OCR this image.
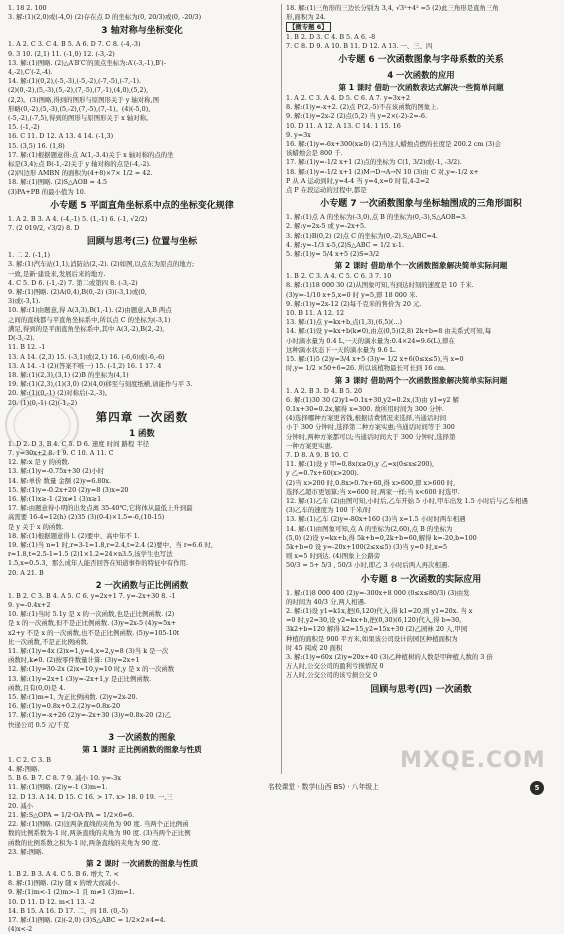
1. 18 2. 100
3. 解:(1)(2,0)或(-4,0) (2)存在点 D 的坐标为(0, 20/3)或(0, -20/3)
3 轴对称与坐标变化
1. A 2. C 3. C 4. B 5. A 6. D 7. C 8. (-4,-3)
9. 3 10. (2,1) 11. (-1,0) 12. (-3,-2)
13. 解:(1)图略. (2)△A′B′C′的顶点坐标为:A′(-3,-1),B′(-
4,-2),C′(-2,-4).
14. 解:(1)(0,2),(-5,-3),(-5,-2),(-7,-5),(-7,-1).
(2)(0,-2),(5,-3),(5,-2),(7,-5),(7,-1),(4,0),(5,2),
(2,2)。(3)图略,得到的图形与原图形关于 y 轴对称,图
形略(0,-2),(5,-3),(5,-2),(7,-5),(7,-1)。(4)(-5,0),
(-5,-2),(-7,5),得到的图形与原图形关于 x 轴对称。
15. (-1,-2)
16. C 11. D 12. A 13. 4 14. (-1,3)
15. (3,5) 16. (1,8)
17. 解:(1)根据题意得:点 A(1,-3.4)关于 x 轴对称的点的坐
标是(3,4);点 B(-1,-2)关于 y 轴对称的点是(-4,-2).
(2)四边形 AMBN 的面积为(4+8)×7× 1/2 = 42.
18. 解:(1)图略. (2)S△AOB = 4.5
(3)PA+PB 的最小值为 10.
小专题 5 平面直角坐标系中点的坐标变化规律
1. A 2. B 3. A 4. (-4,-1) 5. (1,-1) 6. (-1, √2/2)
7. (2 019/2, √3/2) 8. D
回顾与思考(三) 位置与坐标
1. 二 2. (-1,1)
3. 解:(1)汽车站(1,1),消防站(2,-2). (2)如图,以点东为原点的地方;
一致,是新·建设来,发展后来的地方.
4. C 5. D 6. (-1,-2) 7. 第二或第四 8. (-3,-2)
9. 解:(1)图略. (2)A(0,4),B(0,-2) (3)(-3,1)或(0,
3)或(-3,1).
10. 解:(1)由题意,得 A(3,3),B(1,-1). (2)由题意,A,B 两点
之间的直线都与平直角坐标系中,所以点 C 的坐标为(-3,1)
满足,得到的是平面直角坐标系中,其中 A(3,-2),B(2,-2),
D(-3,-2).
11. B 12. -1
13. A 14. (2,3) 15. (-3,1)或(2,1) 16. (-6,6)或(-6,-6)
13. A 14. -1 (2)(答案不唯一) 15. (-1,2) 16. 1 17. 4
18. 解:(1)(2,3),(3,1) (2)B 的坐标为(4,1)
19. 解:(1)(2,3),(1)(3,0) (2)(4,0)移至与刻度纸横,请能作与平 3.
20. 解:(1)(0,-1) (2)对称后(-2,-3)。
20. (1)(0,-1) (2)(-1,-2)
第四章 一次函数
1 函数
1. D 2. D 3. B 4. C 5. D 6. 速度 时间 路程 半径
7. y=30x+2 8. 1 9. C 10. A 11. C
12. 解:x 是 y 的函数.
13. 解:(1)y=-0.75x+30 (2)小时
14. 解:单价 数量 金额 (2)y=6.80x.
15. 解:(1)y=-0.2x+20 (2)y=8 (3)x=20
16. 解:(1)x≥-1 (2)x≠1 (3)x≥1
17. 解:由题意得小明的出发点离 35-40℃,它将体从最低上升到最
高需要 16-4=12(h) (2)35 (3)(0-4)×1.5=-6,(10-15)
是 y 关于 x 的函数.
18. 解:(1)根据题意得 l. (2)要中、高中年不 1.
19. 解:(1)当 n=1 时,r=3-1=1.8,r=2.4,t=2.4 (2)要中、当 r=6.6 时,
r=1.8,t=2.5-1=1.5 (2)1×1.2=24×n3.5,该学生也写法
1.5,x=0.5.3、那么成年人能否回答在知道事件的特征中有作用.
20. A 21. B
2 一次函数与正比例函数
1. B 2. C 3. B 4. A 5. C 6. y=2x+1 7. y=-2x+30 8. -1
9. y=-0.4x+2
10. 解:(1)当时 5.1y 是 x 的一次函数,也是正比例函数. (2)
是 x 的一次函数,但不是正比例函数. (3)y=2x-5 (4)y=5x+
x2+y 不是 x 的一次函数,也不是正比例函数. (5)y=105-10t
比一次函数,不是正比例函数.
11. 解:(1)y=4x (2)x=1,y=4,x=2,y=8 (3)当 k 是一次
函数时,k≠0. (2)按零件数量计算: (3)y=2x+1
12. 解:(1)y=30-2x (2)x=10,y=10 时,y 是 x 的一次函数
13. 解:(1)y=2x+1 (3)y=-2x+1,y 是正比例函数.
函数,且有(0,0)是 4.
15. 解:(1)m=1, 为正比例函数. (2)y=2x-20.
16. 解:(1)y=0.8x+0.2.(2)y=0.8x-20
17. 解:(1)y=-x+26 (2)y=-2x+30 (3)y=0.8x-20 (2)乙
快递公司 0.5 元/千克
3 一次函数的图象
第 1 课时 正比例函数的图象与性质
1. C 2. C 3. B
4. 解:图略.
5. B 6. B 7. C 8. 7 9. 减小 10. y=-3x
11. 解:(1)图略. (2)y=-1 (3)m=1.
12. D 13. A 14. D 15. C 16. > 17. x> 18. 0 19. 一,三
20. 减小
21. 解:S△OPA = 1/2·OA·PA = 1/2×6=6.
22. 解:(1)图略. (2)这两条直线的夹角为 90 度. 当两个正比例函
数的比例系数为-1 时,两条直线的夹角为 90 度. (3)当两个正比例
函数的比例系数之积为-1 时,两条直线的夹角为 90 度.
23. 解:图略.
第 2 课时 一次函数的图象与性质
1. B 2. B 3. A 4. C 5. B 6. 增大 7. <
8. 解:(1)图略. (2)y 随 x 的增大而减小.
9. 解:(1)m<-1 (2)m>-1 且 m≠1 (3)m=1.
10. D 11. D 12. m<1 13. -2
14. B 15. A 16. D 17. 二、四 18. (0,-5)
17. 解:(1)图略. (2)(-2,0) (3)S△ABC = 1/2×2×4=4.
(4)x<-2
18. 解:(1)三角形的三边长分别为 3,4, √3²+4² =5 (2)此三角形是直角三角
形,面积为 24.
【微专题 6】
1. B 2. D 3. C 4. B 5. A 6. -8
7. C 8. D 9. A 10. B 11. D 12. A 13. 一、三、四
小专题 6 一次函数图象与字母系数的关系
4 一次函数的应用
第 1 课时 借助一次函数表达式解决一些简单问题
1. A 2. C 3. A 4. D 5. C 6. A 7. y=3x+2
8. 解:(1)y=-x+2. (2)点 P(2,-5)不在该函数的图象上.
9. 解:(1)y=2x-2 (2)点(5,2) 当 y=2×(-2)-2=-6.
10. D 11. A 12. A 13. C 14. 1 15. 16
9. y=3x
16. 解:(1)y=-6x+300(x≥0) (2)当这人蜡烛点燃的长度是 200.2 cm (3)会
该蜡烛会是 800 千.
17. 解:(1)y=-1/2 x+1 (2)点的坐标为 C(1, 3/2)或(-1, -3/2).
18. 解:(1)y=-1/2 x+1 (2)M→D→A→N 10 (3)由 C 对,y=-1/2 x+
P 从 A 运动到时,y=4-4 当 y=4,x=0 时有,4-2=2
点 P 在段运动的过程中,都是
小专题 7 一次函数图象与坐标轴围成的三角形面积
1. 解:(1)点 A 的坐标为(-3,0),点 B 的坐标为(0,-3),S△AOB=3.
2. 解:y=2x-5 或 y=-2x+5.
3. 解:(1)B(0,2) (2)点 C 的坐标为(0,-2),S△ABC=4.
4. 解:y=-1/3 x-5,(2)S△ABC = 1/2 x-1.
5. 解:(1)y= 5/4 x+5 (2)S=3/2
第 2 课时 借助单个一次函数图象解决简单实际问题
1. B 2. C 3. A 4. C 5. C 6. 3 7. 10
8. 解:(1)18 000 30 (2)从图象可知,当到达时刻的速度是 10 千米.
(3)y=-1/10 x+5,x=0 时 y=5,即 18 000 米.
9. 解:(1)y=2x-12 (2)每千克米的售价为 20 元.
10. B 11. A 12. 12
13. 解:(1)点 y=kx+b,点(1,3),(6,5)(...)
14. 解:(1)设 y=kx+b(k≠0),由点(0,5)(2,8) 2k+b=8 由关系式可知,每
小时滴水量为 0.4 L,一天的滴水量为:0.4×24=9.6(L),即在
这种滴水状态下一天的滴水量为 9.6 L.
15. 解:(1)5 (2)y=3/4 x+5 (3)y= 1/2 x+6(0≤x≤5),当 x=0
时,y= 1/2 ×50+6=26. 所以该植物最长可长到 16 cm.
第 3 课时 借助两个一次函数图象解决简单实际问题
1. A 2. B 3. D 4. B 5. 20
6. 解:(1)30 30 (2)y1=0.1x+30,y2=0.2x,(3)由 y1=y2 解
0.1x+30=0.2x,解得 x=300. 故所用时间为 300 分钟.
(4)选择哪种方案更省钱,根据话费情况来选择,当通话时间
小于 300 分钟时,选择第二种方案实惠;当通话时间等于 300
分钟时,两种方案都可以;当通话时间大于 300 分钟时,选择第
一种方案更实惠.
7. D 8. A 9. B 10. C
11. 解:(1)设 y 甲=0.8x(x≥0),y 乙=x(0≤x≤200),
y 乙=0.7x+60(x>200).
(2)当 x>200 时,0.8x>0.7x+60,得 x>600,即 x>600 时,
选择乙超市更划算;当 x=600 时,两家一样;当 x<600 时选甲.
12. 解:(1)乙车 (2)由图可知,小时后,乙车开始 5 小时,甲车出发 1.5 小时后与乙车相遇
(3)乙车的速度为 100 千米/时
13. 解:(1)乙车 (2)y=-80x+160 (3)当 x=1.5 小时时两车相遇
14. 解:(1)由图象可知,点 A 的坐标为(2,60),点 B 的坐标为
(5,0) (2)设 y=kx+b,得 5k+b=0,2k+b=60,解得 k=-20,b=100
5k+b=0 设 y=-20x+100(2≤x≤5) (3)当 y=0 时,x=5
则 x=5 时到达. (4)图象上公路旁
50/3 = 5+ 5/3 , 50/3 小时,即乙 3 小时后两人再次相遇.
小专题 8 一次函数的实际应用
1. 解:(1)8 000 400 (2)y=-300x+8 000 (0≤x≤80/3) (3)由发
的时间为 40/3 分,两人相遇.
2. 解:(1)设 y1=k1x,把(6,120)代入,得 k1=20,则 y1=20x. 当 x
=0 时,y2=30,设 y2=kx+b,把(0,30)(6,120)代入,得 b=30,
3k2+b=120 解得 k2=15,y2=15x+30 (2)乙园林 20 人,甲园
种植的面积是 900 平方米,如果该公司设计的园区种植面积为
时 45 阅成 20 面积
3. 解:(1)y=60x (2)y=20x+40 (3)乙种植树的人数是甲种植人数的 3 倍
万人时,公交公司的盈利亏损情况 0
万人时,公交公司的该亏损公交 0
回顾与思考(四) 一次函数
MXQE.COM
名校课堂 · 数学(山西 BS) · 八年级上	5
